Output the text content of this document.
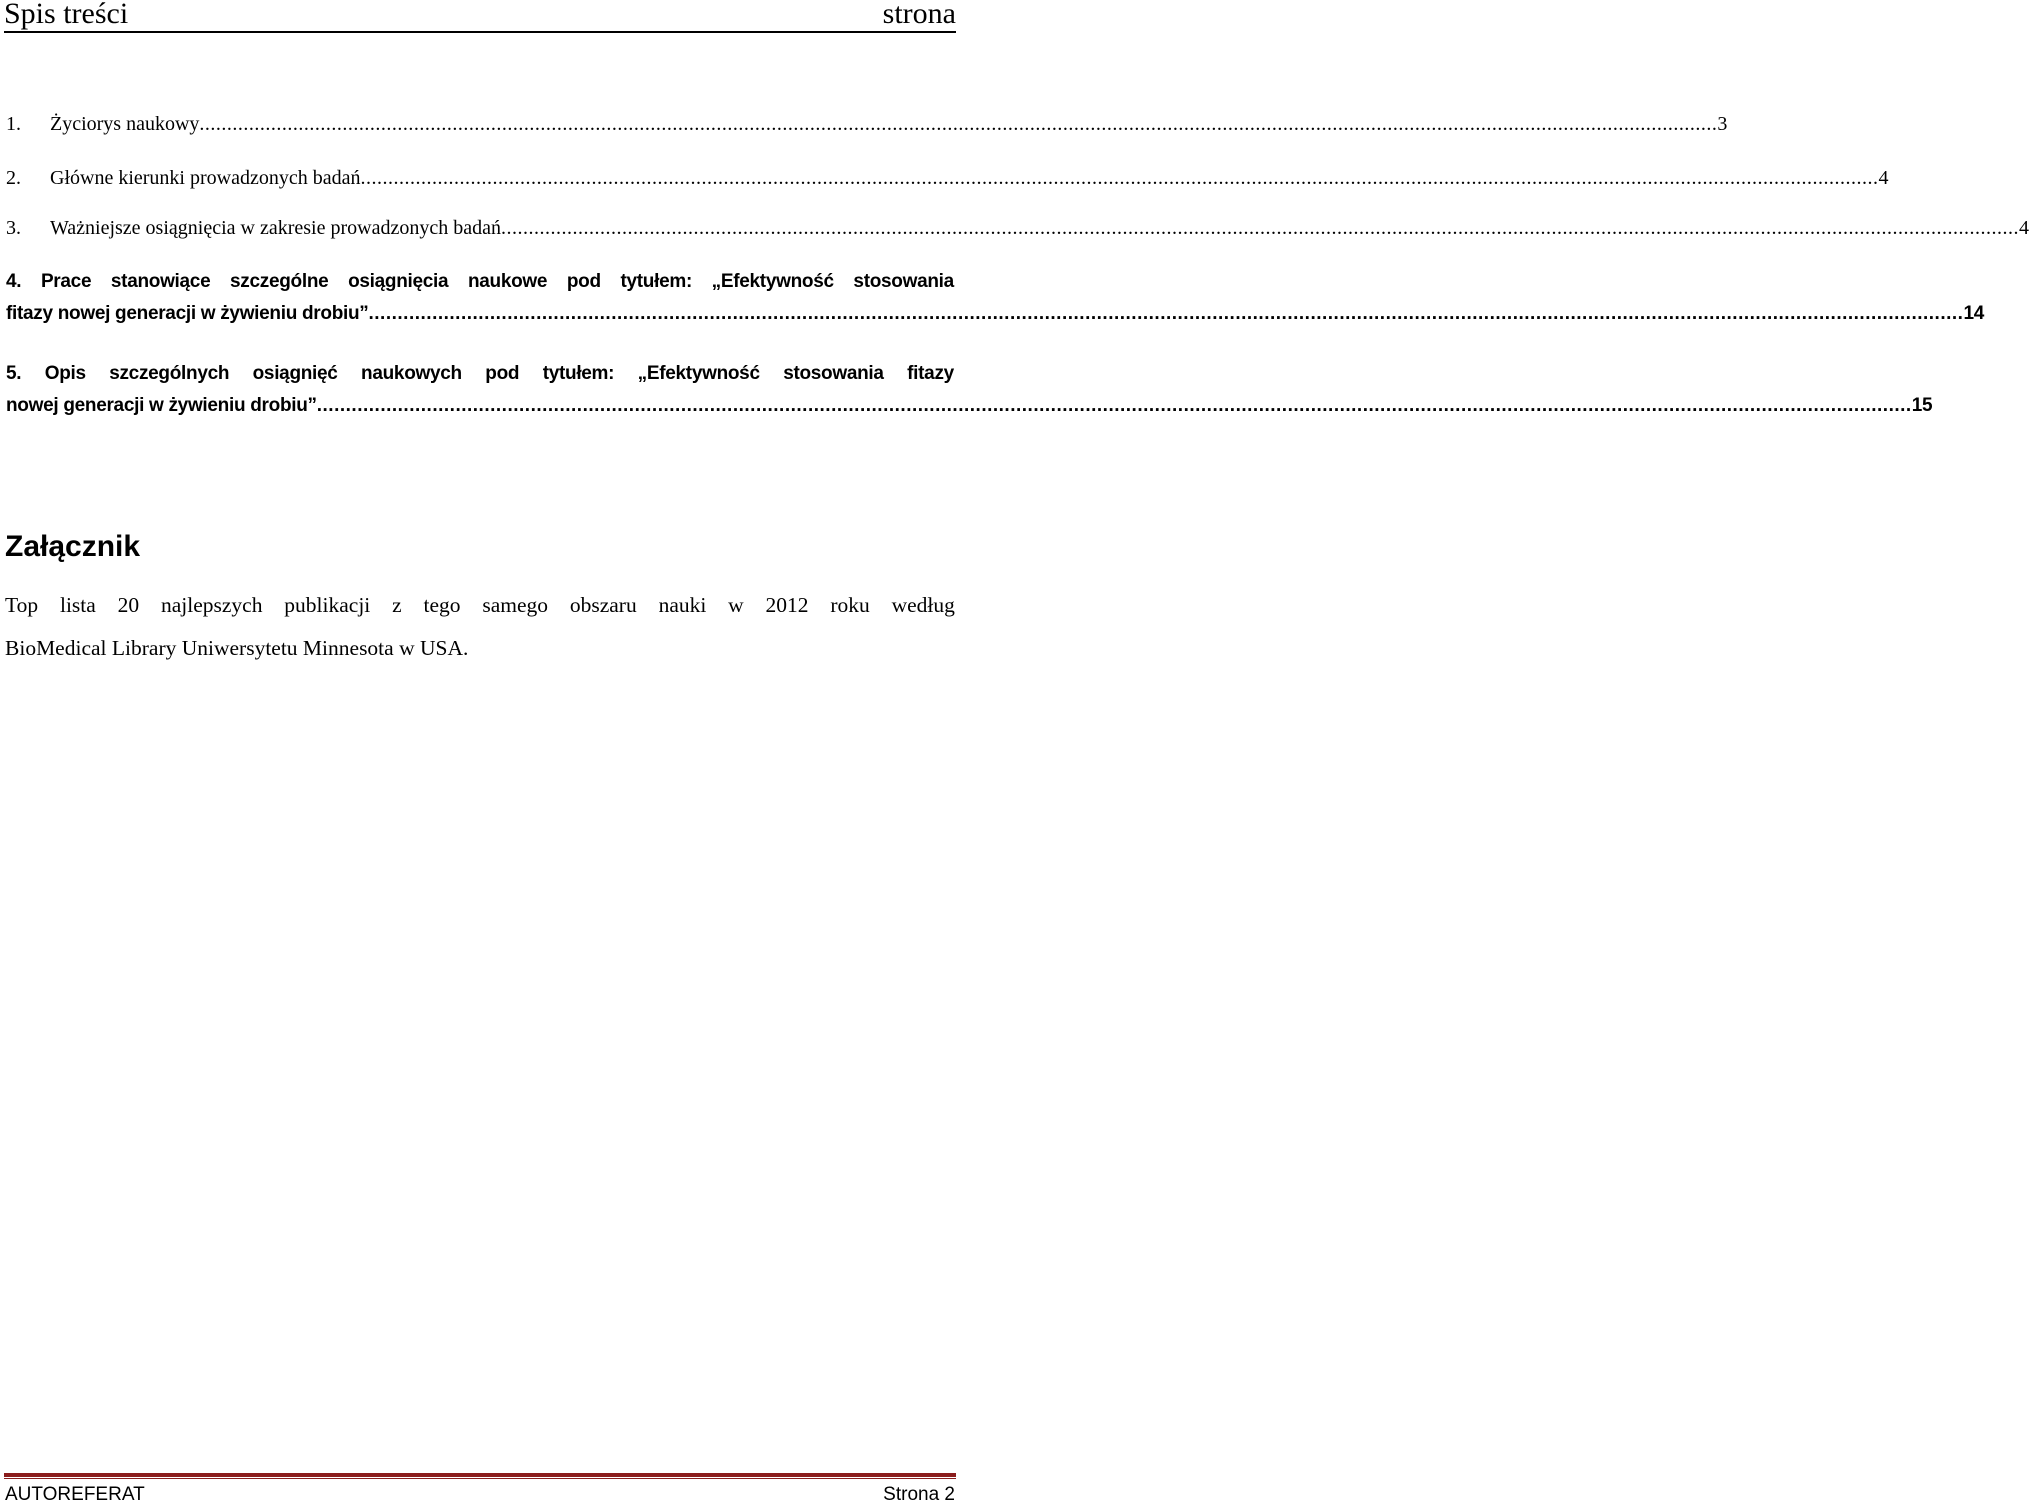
Spis treści	strona
1.	Życiorys naukowy .....	3
2.	Główne kierunki prowadzonych badań .....	4
3.	Ważniejsze osiągnięcia w zakresie prowadzonych badań .....	4
4. Prace stanowiące szczególne osiągnięcia naukowe pod tytułem: „Efektywność stosowania
fitazy nowej generacji w żywieniu drobiu” .....	14
5. Opis szczególnych osiągnięć naukowych pod tytułem: „Efektywność stosowania fitazy
nowej generacji w żywieniu drobiu” .....	15
Załącznik
Top lista 20 najlepszych publikacji z tego samego obszaru nauki w 2012 roku według
BioMedical Library Uniwersytetu Minnesota w USA.
AUTOREFERAT	Strona 2
